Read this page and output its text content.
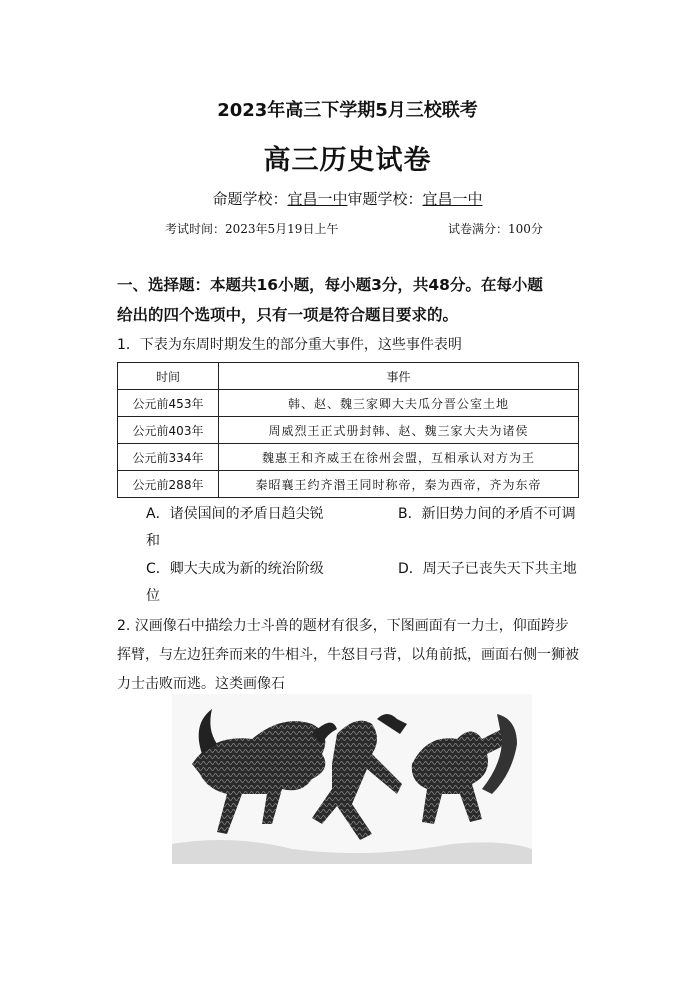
2023年高三下学期5月三校联考
高三历史试卷
命题学校：宜昌一中审题学校：宜昌一中
考试时间：2023年5月19日上午	试卷满分：100分
一、选择题：本题共16小题，每小题3分，共48分。在每小题
给出的四个选项中，只有一项是符合题目要求的。
1．下表为东周时期发生的部分重大事件，这些事件表明
时间	事件
公元前453年	韩、赵、魏三家卿大夫瓜分晋公室土地
公元前403年	周威烈王正式册封韩、赵、魏三家大夫为诸侯
公元前334年	魏惠王和齐威王在徐州会盟，互相承认对方为王
公元前288年	秦昭襄王约齐湣王同时称帝，秦为西帝，齐为东帝
A．诸侯国间的矛盾日趋尖锐	B．新旧势力间的矛盾不可调
和
C．卿大夫成为新的统治阶级	D．周天子已丧失天下共主地
位
2. 汉画像石中描绘力士斗兽的题材有很多，下图画面有一力士，仰面跨步
挥臂，与左边狂奔而来的牛相斗，牛怒目弓背，以角前抵，画面右侧一狮被
力士击败而逃。这类画像石
